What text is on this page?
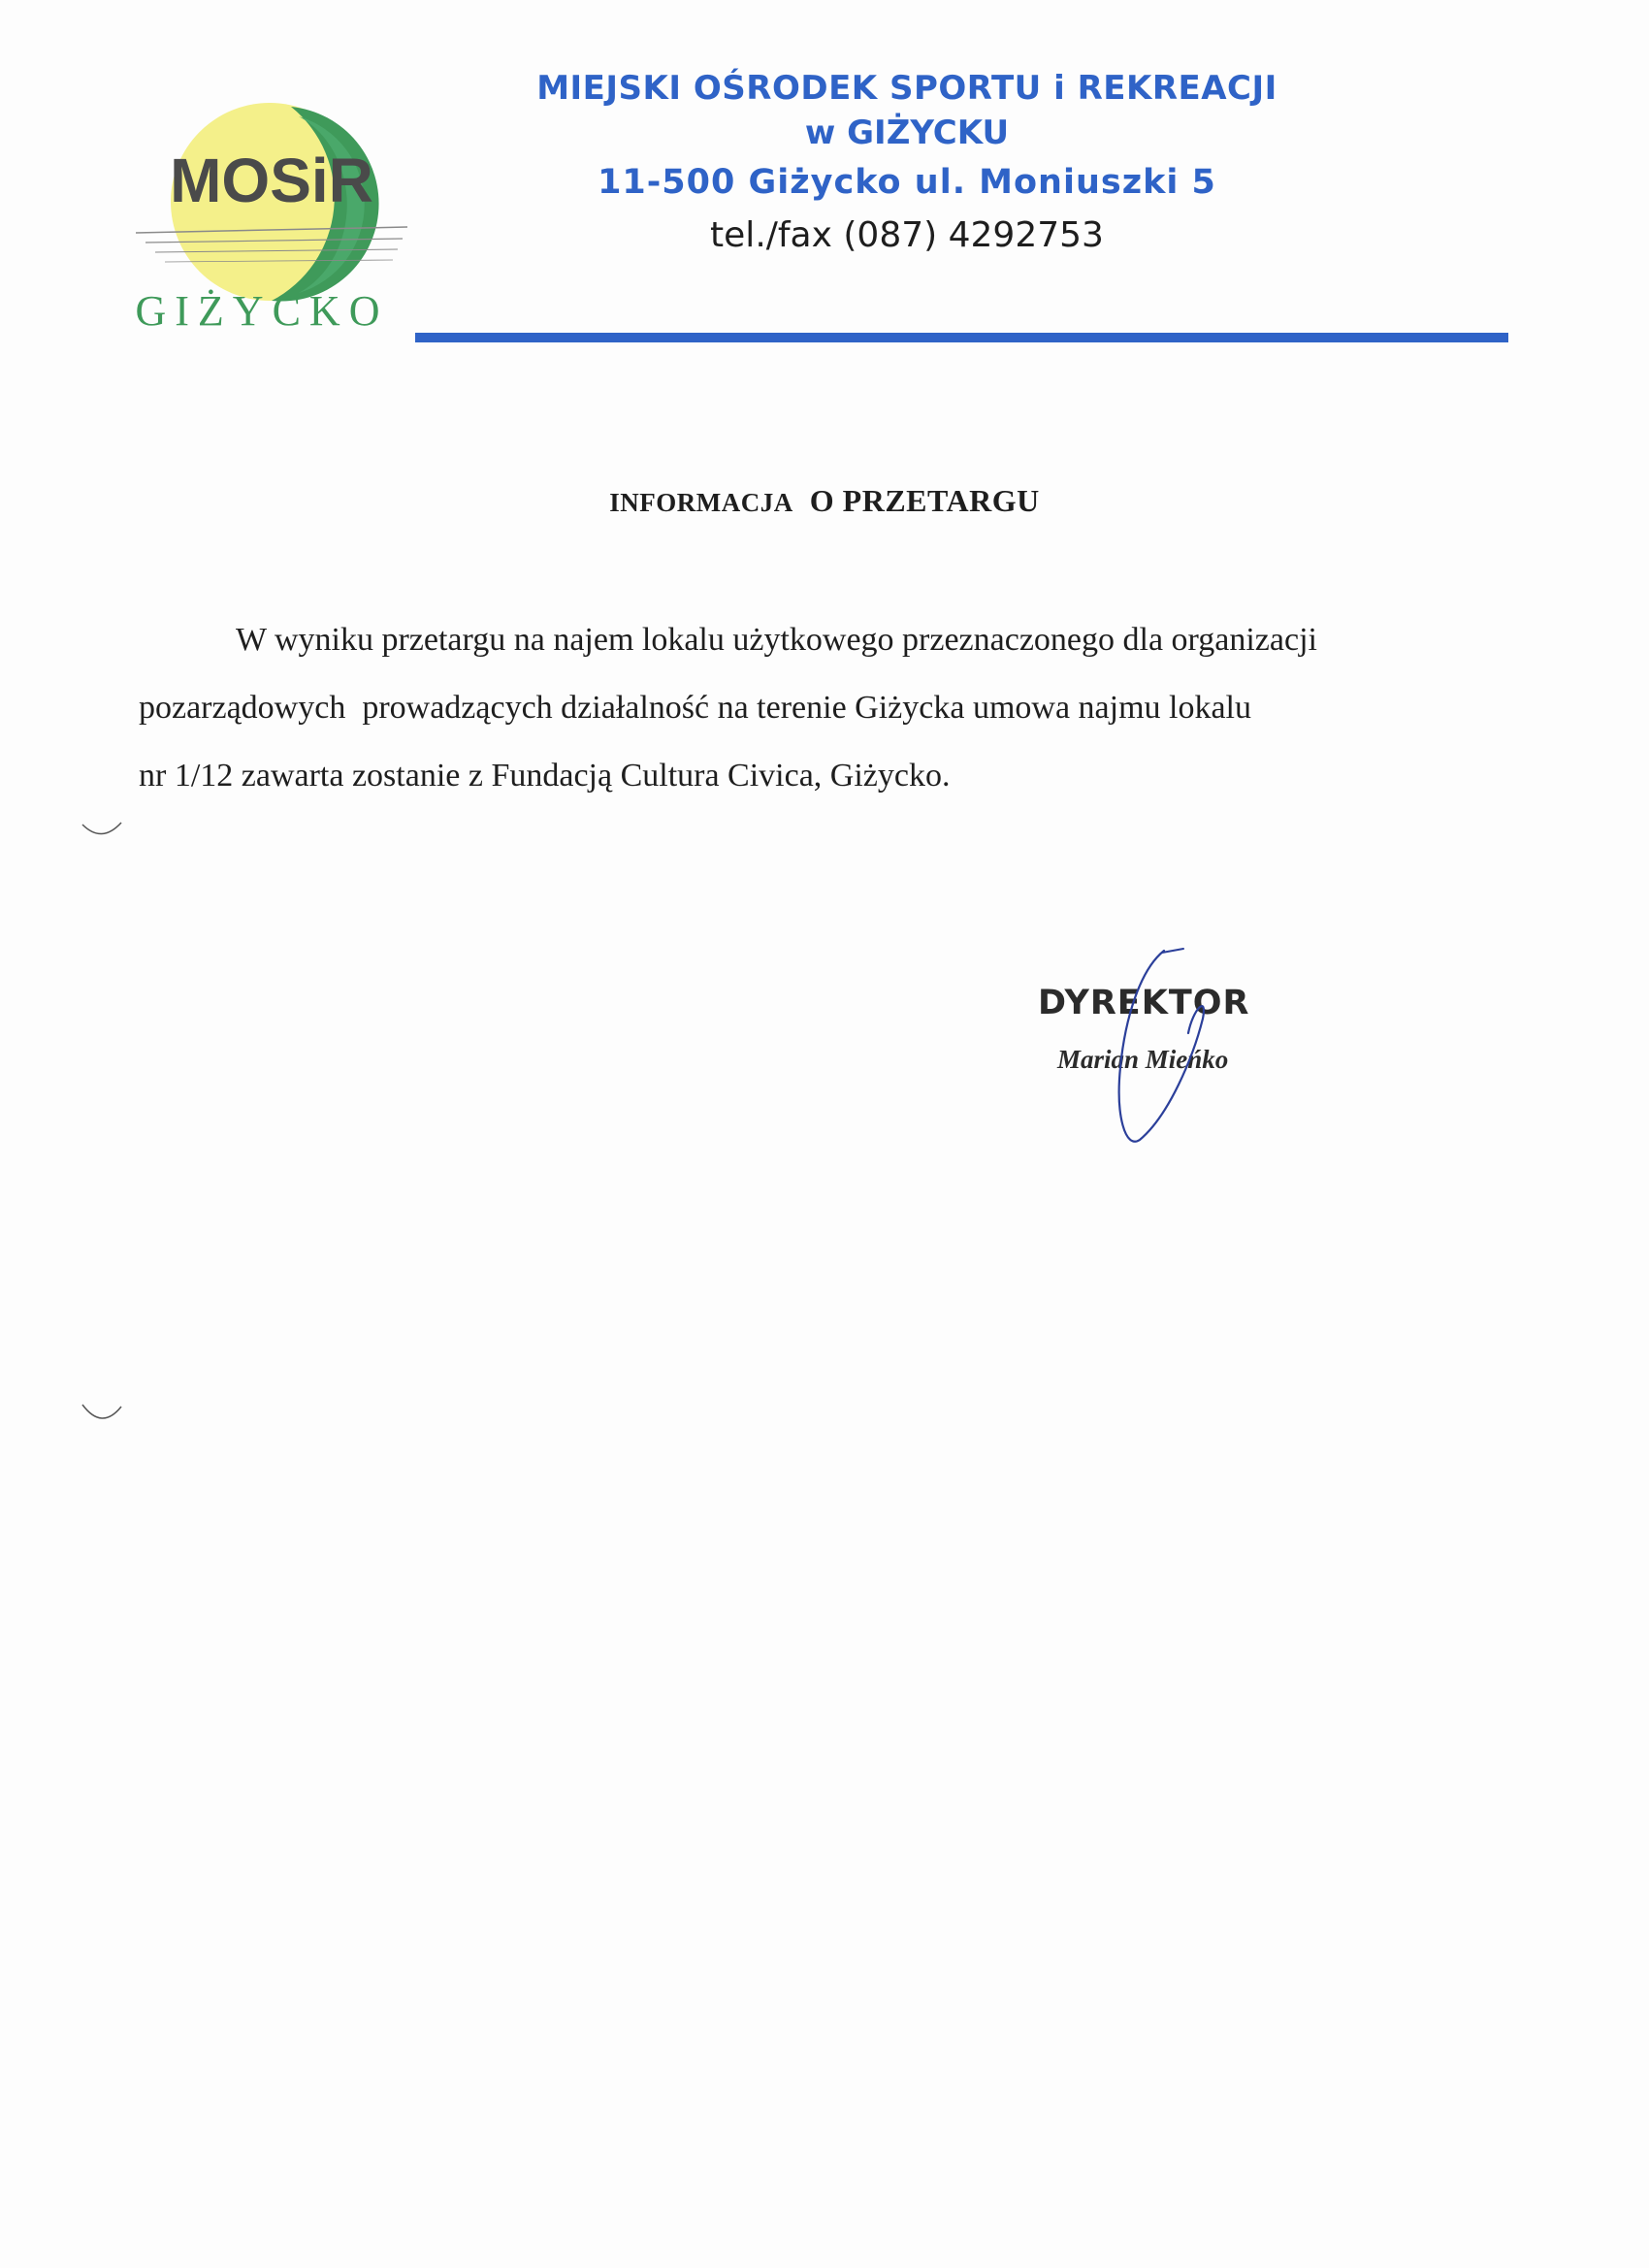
MOSiR
GIŻYCKO
MIEJSKI OŚRODEK SPORTU i REKREACJI
w GIŻYCKU
11-500 Giżycko ul. Moniuszki 5
tel./fax (087) 4292753
INFORMACJA O PRZETARGU
W wyniku przetargu na najem lokalu użytkowego przeznaczonego dla organizacji
pozarządowych  prowadzących działalność na terenie Giżycka umowa najmu lokalu
nr 1/12 zawarta zostanie z Fundacją Cultura Civica, Giżycko.
DYREKTOR
Marian Mieńko
